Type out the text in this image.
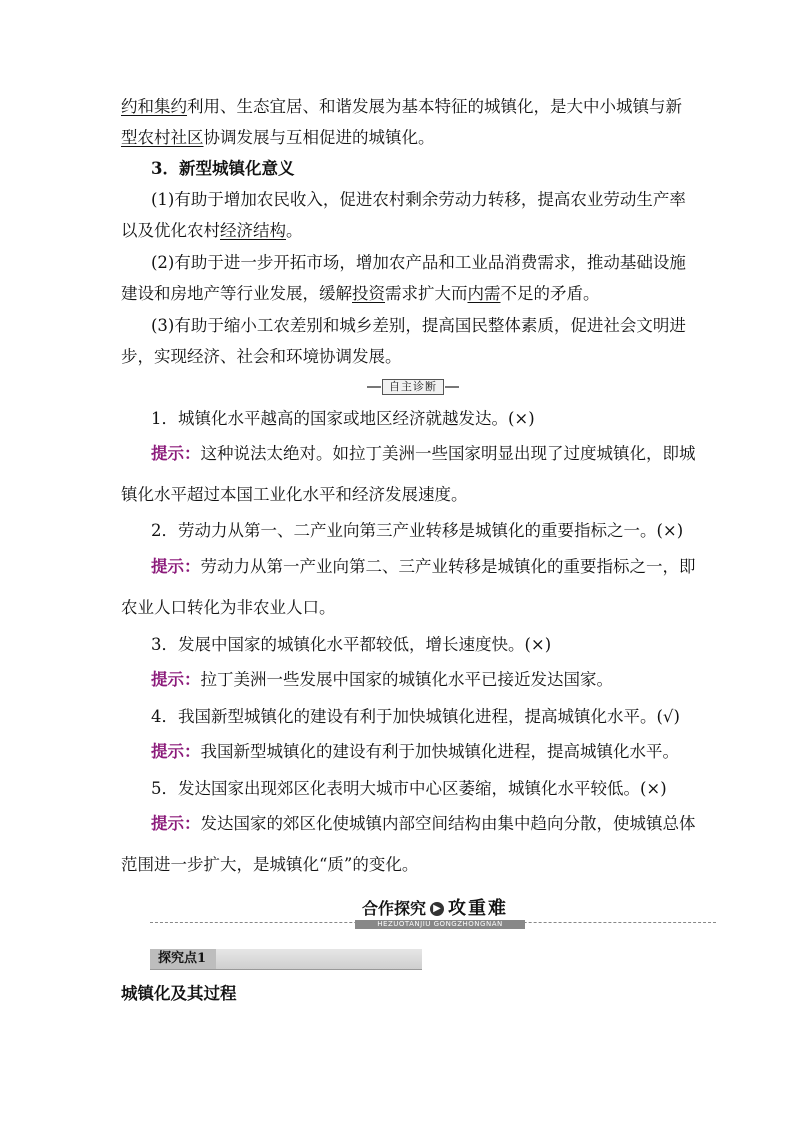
约和集约利用、生态宜居、和谐发展为基本特征的城镇化，是大中小城镇与新
型农村社区协调发展与互相促进的城镇化。
3．新型城镇化意义
(1)有助于增加农民收入，促进农村剩余劳动力转移，提高农业劳动生产率
以及优化农村经济结构。
(2)有助于进一步开拓市场，增加农产品和工业品消费需求，推动基础设施
建设和房地产等行业发展，缓解投资需求扩大而内需不足的矛盾。
(3)有助于缩小工农差别和城乡差别，提高国民整体素质，促进社会文明进
步，实现经济、社会和环境协调发展。
自主诊断
1．城镇化水平越高的国家或地区经济就越发达。(×)
提示：这种说法太绝对。如拉丁美洲一些国家明显出现了过度城镇化，即城
镇化水平超过本国工业化水平和经济发展速度。
2．劳动力从第一、二产业向第三产业转移是城镇化的重要指标之一。(×)
提示：劳动力从第一产业向第二、三产业转移是城镇化的重要指标之一，即
农业人口转化为非农业人口。
3．发展中国家的城镇化水平都较低，增长速度快。(×)
提示：拉丁美洲一些发展中国家的城镇化水平已接近发达国家。
4．我国新型城镇化的建设有利于加快城镇化进程，提高城镇化水平。(√)
提示：我国新型城镇化的建设有利于加快城镇化进程，提高城镇化水平。
5．发达国家出现郊区化表明大城市中心区萎缩，城镇化水平较低。(×)
提示：发达国家的郊区化使城镇内部空间结构由集中趋向分散，使城镇总体
范围进一步扩大，是城镇化“质”的变化。
合作探究 ▶ 攻重难
HEZUOTANJIU GONGZHONGNAN
探究点1
城镇化及其过程
